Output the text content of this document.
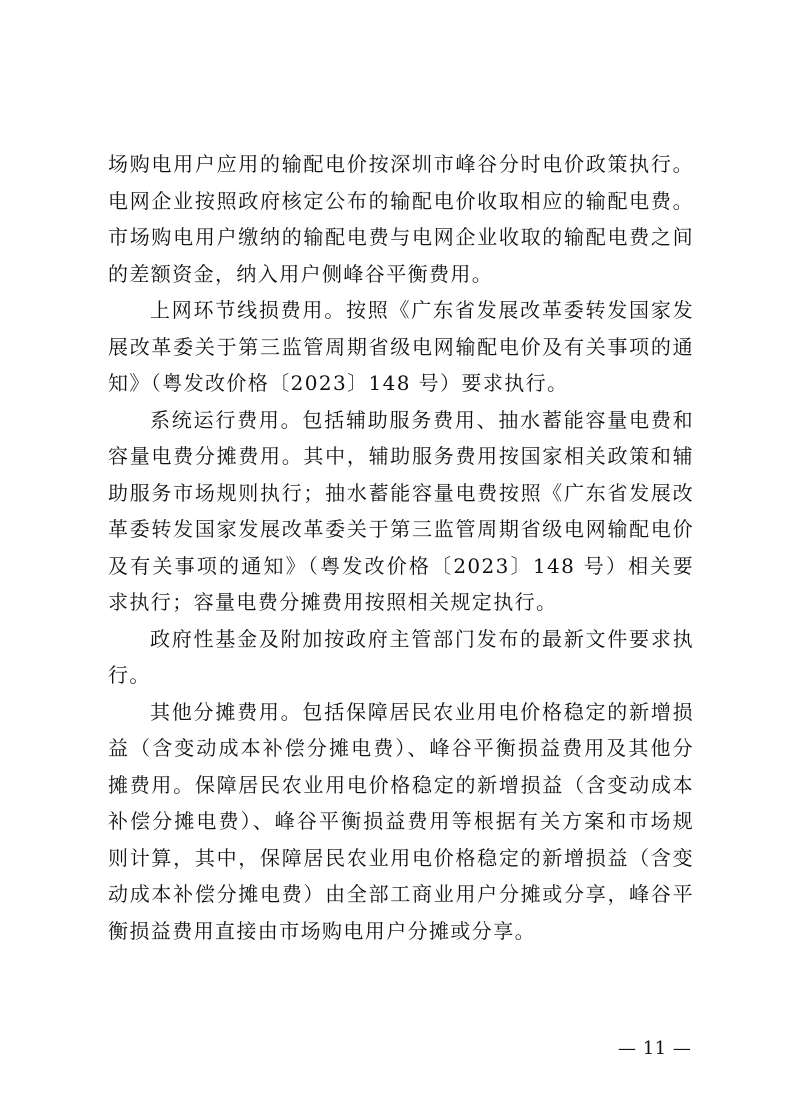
场购电用户应用的输配电价按深圳市峰谷分时电价政策执行。电网企业按照政府核定公布的输配电价收取相应的输配电费。市场购电用户缴纳的输配电费与电网企业收取的输配电费之间的差额资金，纳入用户侧峰谷平衡费用。

上网环节线损费用。按照《广东省发展改革委转发国家发展改革委关于第三监管周期省级电网输配电价及有关事项的通知》（粤发改价格〔2023〕148 号）要求执行。

系统运行费用。包括辅助服务费用、抽水蓄能容量电费和容量电费分摊费用。其中，辅助服务费用按国家相关政策和辅助服务市场规则执行；抽水蓄能容量电费按照《广东省发展改革委转发国家发展改革委关于第三监管周期省级电网输配电价及有关事项的通知》（粤发改价格〔2023〕148 号）相关要求执行；容量电费分摊费用按照相关规定执行。

政府性基金及附加按政府主管部门发布的最新文件要求执行。

其他分摊费用。包括保障居民农业用电价格稳定的新增损益（含变动成本补偿分摊电费）、峰谷平衡损益费用及其他分摊费用。保障居民农业用电价格稳定的新增损益（含变动成本补偿分摊电费）、峰谷平衡损益费用等根据有关方案和市场规则计算，其中，保障居民农业用电价格稳定的新增损益（含变动成本补偿分摊电费）由全部工商业用户分摊或分享，峰谷平衡损益费用直接由市场购电用户分摊或分享。

— 11 —
